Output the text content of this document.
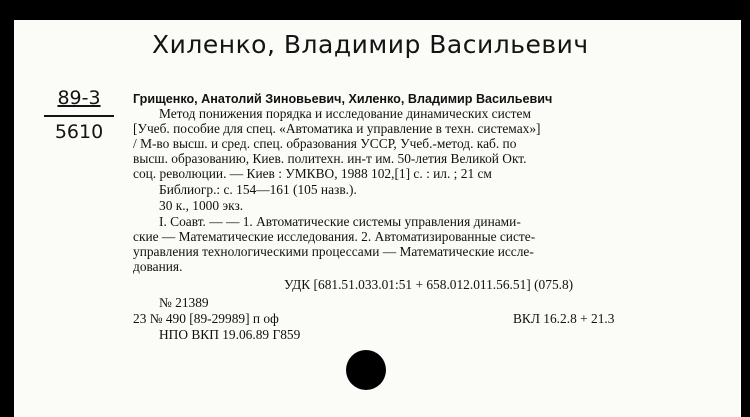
Хиленко, Владимир Васильевич
89-3
5610
Грищенко, Анатолий Зиновьевич, Хиленко, Владимир Васильевич
Метод понижения порядка и исследование динамических систем
[Учеб. пособие для спец. «Автоматика и управление в техн. системах»]
/ М-во высш. и сред. спец. образования УССР, Учеб.-метод. каб. по
высш. образованию, Киев. политехн. ин-т им. 50-летия Великой Окт.
соц. революции. — Киев : УМКВО, 1988 102,[1] с. : ил. ; 21 см
Библиогр.: с. 154—161 (105 назв.).
30 к., 1000 экз.
I. Соавт. — — 1. Автоматические системы управления динами-
ские — Математические исследования. 2. Автоматизированные систе-
управления технологическими процессами — Математические иссле-
дования.
УДК [681.51.033.01:51 + 658.012.011.56.51] (075.8)
№ 21389
23 № 490 [89-29989] п оф	ВКЛ 16.2.8 + 21.3
НПО ВКП 19.06.89 Г859
